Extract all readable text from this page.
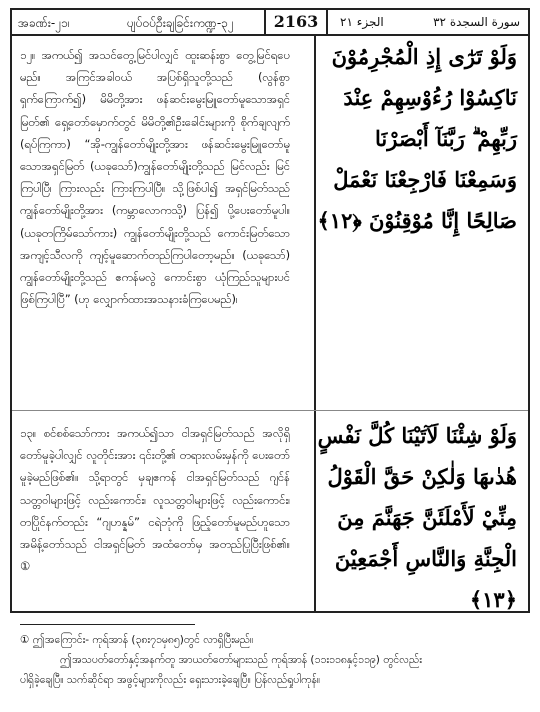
အခဏ်း-၂၁၊	ပျပ်ဝပ်ဦးချခြင်းကဏ္ဍ-၃၂	2163	الجزء ٢١	سورة السجدة ٣٢
၁၂။ အကယ်၍ အသင်တွေ့မြင်ပါလျှင် ထူးဆန်းစွာ တွေ့မြင်ရပေမည်။ အကြင်အခါဝယ် အပြစ်ရှိသူတို့သည် (လွန်စွာ ရှက်ကြောက်၍) မိမိတို့အား ဖန်ဆင်းမွေးမြူတော်မူသောအရှင်မြတ်၏ ရှေ့တော်မှောက်တွင် မိမိတို့၏ဦးခေါင်းများကို စိုက်ချလျက် (ရပ်ကြကာ) “အို-ကျွန်တော်မျိုးတို့အား ဖန်ဆင်းမွေးမြူတော်မူသောအရှင်မြတ် (ယခုသော်)ကျွန်တော်မျိုးတို့သည် မြင်လည်း မြင်ကြပါပြီ၊ ကြားလည်း ကြားကြပါပြီ။ သို့ဖြစ်ပါ၍ အရှင်မြတ်သည် ကျွန်တော်မျိုးတို့အား (ကမ္ဘာလောကသို့) ပြန်၍ ပို့ပေးတော်မူပါ။ (ယခုတကြိမ်သော်ကား) ကျွန်တော်မျိုးတို့သည် ကောင်းမြတ်သောအကျင့်သီလကို ကျင့်မူဆောက်တည်ကြပါတော့မည်။ (ယခုသော်) ကျွန်တော်မျိုးတို့သည် ဧကန်မလွဲ ကောင်းစွာ ယုံကြည်သူများပင် ဖြစ်ကြပါပြီ” (ဟု လျှောက်ထားအသနားခံကြပေမည်)၊
وَلَوْ تَرٰٓى إِذِ الْمُجْرِمُوْنَ نَاكِسُوْا رُءُوْسِهِمْ عِنْدَ رَبِّهِمْ ۗ رَبَّنَآ أَبْصَرْنَا وَسَمِعْنَا فَارْجِعْنَا نَعْمَلْ صَالِحًا إِنَّا مُوْقِنُوْنَ ﴿١٢﴾
၁၃။ စင်စစ်သော်ကား အကယ်၍သာ ငါအရှင်မြတ်သည် အလိုရှိတော်မူခဲ့ပါလျှင် လူတိုင်းအား ၎င်းတို့၏ တရားလမ်းမှန်ကို ပေးတော်မူခဲ့မည်ဖြစ်၏။ သို့ရာတွင် မှချဧကန် ငါအရှင်မြတ်သည် ဂျင်န်သတ္တဝါများဖြင့် လည်းကောင်း၊ လူသတ္တဝါများဖြင့် လည်းကောင်း၊ တပြိုင်နက်တည်း “ဂျဟန္နမ်” ငရဲဘုံကို ဖြည့်တော်မူမည်ဟူသောအမိန့်တော်သည် ငါအရှင်မြတ် အထံတော်မှ အတည်ပြုပြီးဖြစ်၏။ ①
وَلَوْ شِئْنَا لَآتَيْنَا كُلَّ نَفْسٍ هُدٰىهَا وَلٰكِنْ حَقَّ الْقَوْلُ مِنِّيْ لَأَمْلَئَنَّ جَهَنَّمَ مِنَ الْجِنَّةِ وَالنَّاسِ أَجْمَعِيْنَ ﴿١٣﴾
① ဤအကြောင်း- ကုရ်အာန် (၃၈း၇၁မှ၈၅)တွင် လာရှိပြီးမည်။
ဤအသပတ်တော်နှင့်အနက်တူ အာယတ်တော်များသည် ကုရ်အာန် (၁၁း၁၁၈နှင့်၁၁၉) တွင်လည်း
ပါရှိခဲ့ချေပြီ။ သက်ဆိုင်ရာ အဖွင့်များကိုလည်း ရှေးသားခဲ့ချေပြီ။ ပြန်လည်ရှုပါကုန်။
